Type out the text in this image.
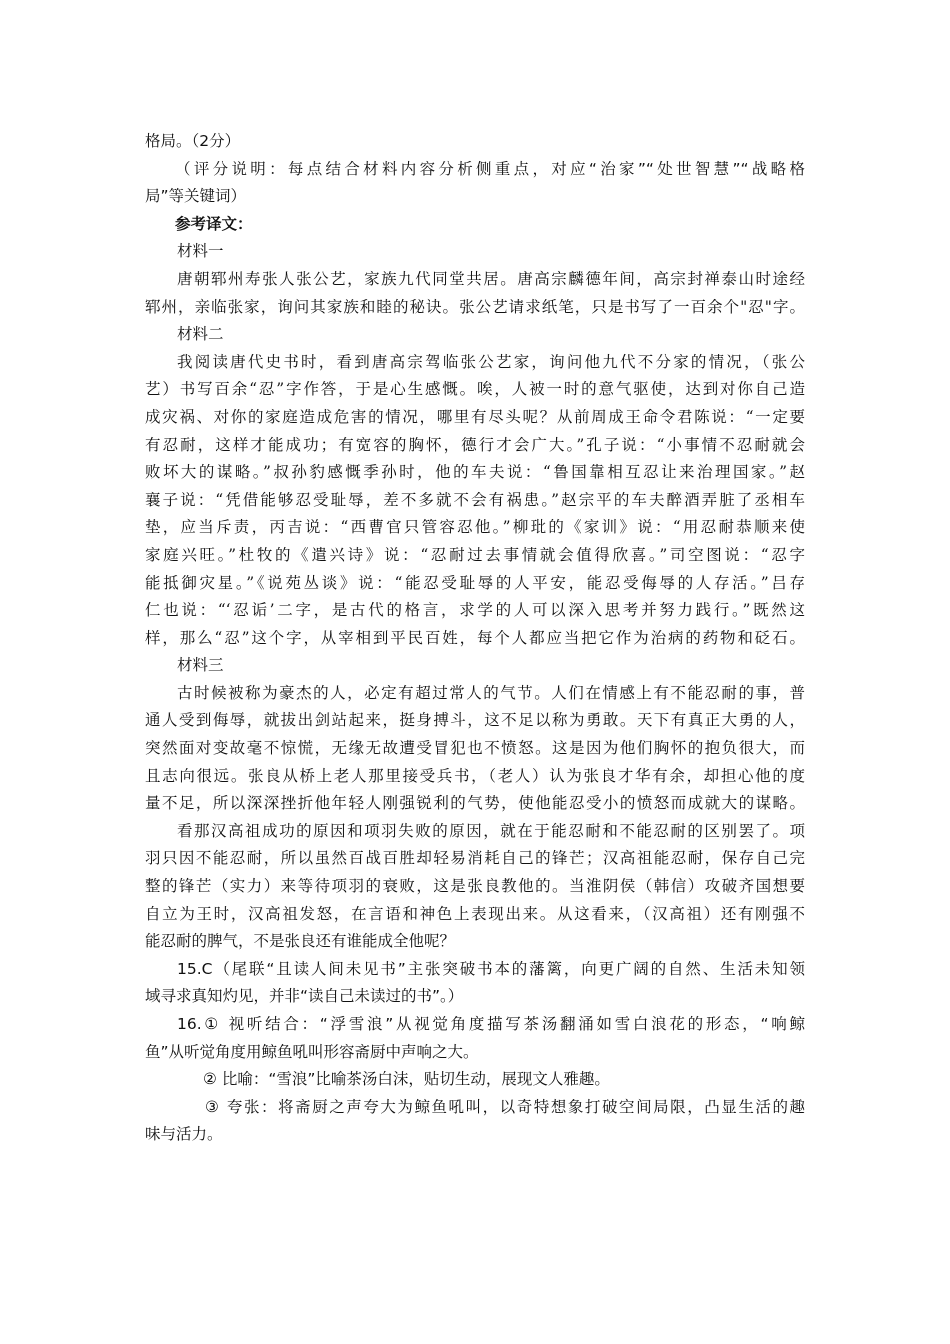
格局。（2分）
（评分说明：每点结合材料内容分析侧重点，对应“治家”“处世智慧”“战略格
局”等关键词）
参考译文：
材料一
唐朝郓州寿张人张公艺，家族九代同堂共居。唐高宗麟德年间，高宗封禅泰山时途经
郓州，亲临张家，询问其家族和睦的秘诀。张公艺请求纸笔，只是书写了一百余个"忍"字。
材料二
我阅读唐代史书时，看到唐高宗驾临张公艺家，询问他九代不分家的情况，（张公
艺）书写百余“忍”字作答，于是心生感慨。唉，人被一时的意气驱使，达到对你自己造
成灾祸、对你的家庭造成危害的情况，哪里有尽头呢？从前周成王命令君陈说：“一定要
有忍耐，这样才能成功；有宽容的胸怀，德行才会广大。”孔子说：“小事情不忍耐就会
败坏大的谋略。”叔孙豹感慨季孙时，他的车夫说：“鲁国靠相互忍让来治理国家。”赵
襄子说：“凭借能够忍受耻辱，差不多就不会有祸患。”赵宗平的车夫醉酒弄脏了丞相车
垫，应当斥责，丙吉说：“西曹官只管容忍他。”柳玭的《家训》说：“用忍耐恭顺来使
家庭兴旺。”杜牧的《遣兴诗》说：“忍耐过去事情就会值得欣喜。”司空图说：“忍字
能抵御灾星。”《说苑丛谈》说：“能忍受耻辱的人平安，能忍受侮辱的人存活。”吕存
仁也说：“‘忍诟’二字，是古代的格言，求学的人可以深入思考并努力践行。”既然这
样，那么“忍”这个字，从宰相到平民百姓，每个人都应当把它作为治病的药物和砭石。
材料三
古时候被称为豪杰的人，必定有超过常人的气节。人们在情感上有不能忍耐的事，普
通人受到侮辱，就拔出剑站起来，挺身搏斗，这不足以称为勇敢。天下有真正大勇的人，
突然面对变故毫不惊慌，无缘无故遭受冒犯也不愤怒。这是因为他们胸怀的抱负很大，而
且志向很远。张良从桥上老人那里接受兵书，（老人）认为张良才华有余，却担心他的度
量不足，所以深深挫折他年轻人刚强锐利的气势，使他能忍受小的愤怒而成就大的谋略。
看那汉高祖成功的原因和项羽失败的原因，就在于能忍耐和不能忍耐的区别罢了。项
羽只因不能忍耐，所以虽然百战百胜却轻易消耗自己的锋芒；汉高祖能忍耐，保存自己完
整的锋芒（实力）来等待项羽的衰败，这是张良教他的。当淮阴侯（韩信）攻破齐国想要
自立为王时，汉高祖发怒，在言语和神色上表现出来。从这看来，（汉高祖）还有刚强不
能忍耐的脾气，不是张良还有谁能成全他呢？
15.C（尾联“且读人间未见书”主张突破书本的藩篱，向更广阔的自然、生活未知领
域寻求真知灼见，并非“读自己未读过的书”。）
16.① 视听结合：“浮雪浪”从视觉角度描写茶汤翻涌如雪白浪花的形态，“响鲸
鱼”从听觉角度用鲸鱼吼叫形容斋厨中声响之大。
② 比喻：“雪浪”比喻茶汤白沫，贴切生动，展现文人雅趣。
③ 夸张：将斋厨之声夸大为鲸鱼吼叫，以奇特想象打破空间局限，凸显生活的趣
味与活力。
